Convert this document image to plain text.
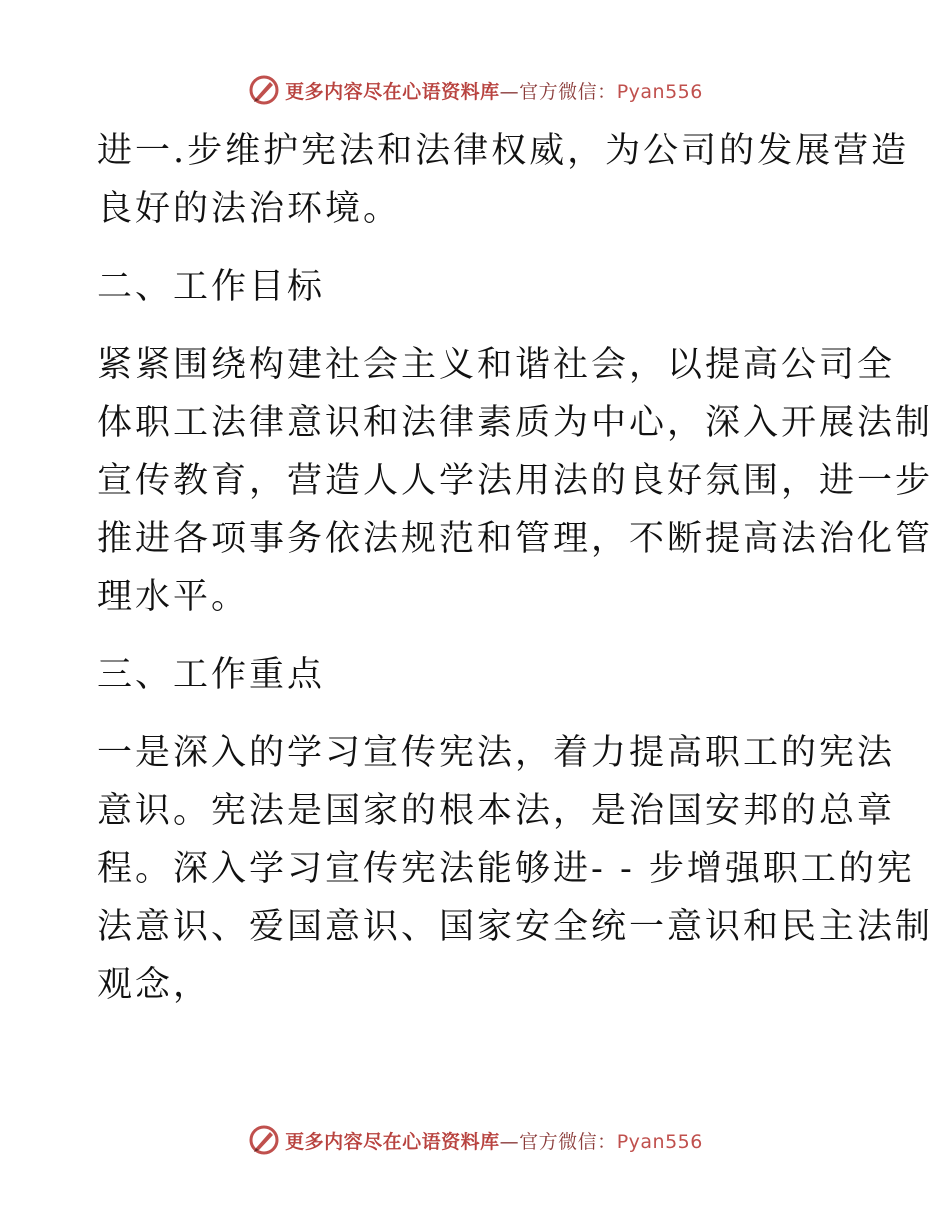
更多内容尽在心语资料库—官方微信：Pyan556
进一.步维护宪法和法律权威，为公司的发展营造
良好的法治环境。
二、工作目标
紧紧围绕构建社会主义和谐社会，以提高公司全
体职工法律意识和法律素质为中心，深入开展法制
宣传教育，营造人人学法用法的良好氛围，进一步
推进各项事务依法规范和管理，不断提高法治化管
理水平。
三、工作重点
一是深入的学习宣传宪法，着力提高职工的宪法
意识。宪法是国家的根本法，是治国安邦的总章
程。深入学习宣传宪法能够进- - 步增强职工的宪
法意识、爱国意识、国家安全统一意识和民主法制
观念，
更多内容尽在心语资料库—官方微信：Pyan556
